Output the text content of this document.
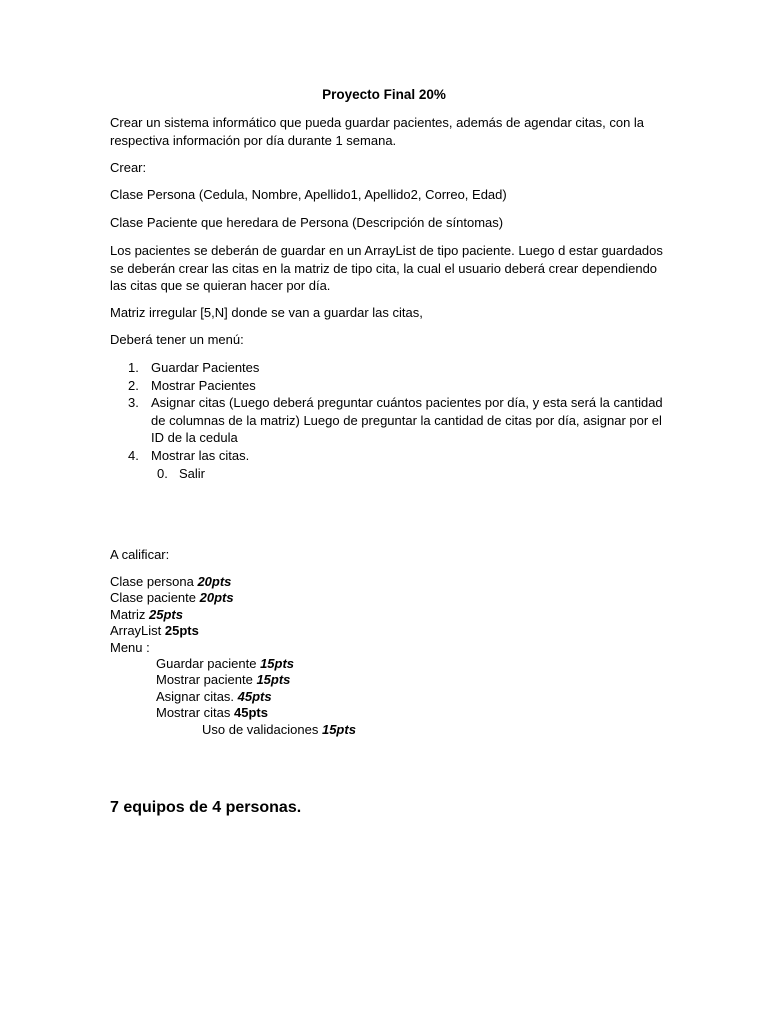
Proyecto Final 20%

Crear un sistema informático que pueda guardar pacientes, además de agendar citas, con la respectiva información por día durante 1 semana.

Crear:

Clase Persona (Cedula, Nombre, Apellido1, Apellido2, Correo, Edad)

Clase Paciente que heredara de Persona (Descripción de síntomas)

Los pacientes se deberán de guardar en un ArrayList de tipo paciente. Luego d estar guardados se deberán crear las citas en la matriz de tipo cita, la cual el usuario deberá crear dependiendo las citas que se quieran hacer por día.

Matriz irregular [5,N] donde se van a guardar las citas,

Deberá tener un menú:

1. Guardar Pacientes
2. Mostrar Pacientes
3. Asignar citas (Luego deberá preguntar cuántos pacientes por día, y esta será la cantidad de columnas de la matriz) Luego de preguntar la cantidad de citas por día, asignar por el ID de la cedula
4. Mostrar las citas.
0. Salir

A calificar:

Clase persona 20pts
Clase paciente 20pts
Matriz 25pts
ArrayList 25pts
Menu :
Guardar paciente 15pts
Mostrar paciente 15pts
Asignar citas. 45pts
Mostrar citas 45pts
Uso de validaciones 15pts
7 equipos de 4 personas.
